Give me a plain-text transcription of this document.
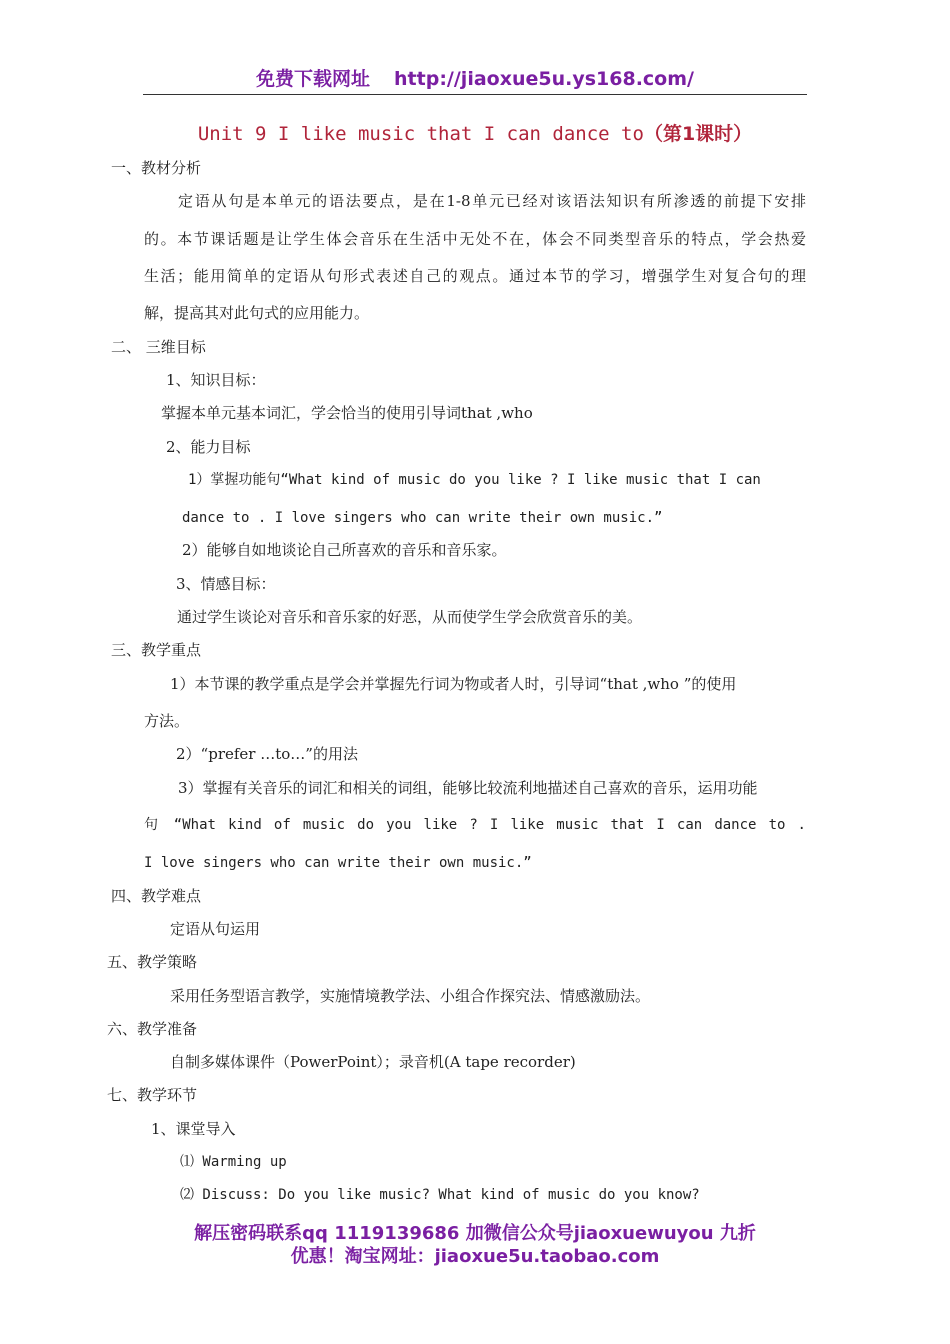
免费下载网址 http://jiaoxue5u.ys168.com/
Unit 9 I like music that I can dance to（第1课时）
一、教材分析
定语从句是本单元的语法要点，是在1-8单元已经对该语法知识有所渗透的前提下安排
的。本节课话题是让学生体会音乐在生活中无处不在，体会不同类型音乐的特点，学会热爱
生活；能用简单的定语从句形式表述自己的观点。通过本节的学习，增强学生对复合句的理
解，提高其对此句式的应用能力。
二、 三维目标
1、知识目标：
掌握本单元基本词汇，学会恰当的使用引导词that ,who
2、能力目标
1）掌握功能句“What kind of music do you like ? I like music that I can
dance to . I love singers who can write their own music.”
2）能够自如地谈论自己所喜欢的音乐和音乐家。
3、情感目标：
通过学生谈论对音乐和音乐家的好恶，从而使学生学会欣赏音乐的美。
三、教学重点
1）本节课的教学重点是学会并掌握先行词为物或者人时，引导词“that ,who ”的使用
方法。
2）“prefer …to…”的用法
3）掌握有关音乐的词汇和相关的词组，能够比较流利地描述自己喜欢的音乐，运用功能
句 “What kind of music do you like ? I like music that I can dance to .
I love singers who can write their own music.”
四、教学难点
定语从句运用
五、教学策略
采用任务型语言教学，实施情境教学法、小组合作探究法、情感激励法。
六、教学准备
自制多媒体课件（PowerPoint）；录音机(A tape recorder)
七、教学环节
1、课堂导入
⑴ Warming up
⑵ Discuss: Do you like music? What kind of music do you know?
解压密码联系qq 1119139686 加微信公众号jiaoxuewuyou 九折
优惠！淘宝网址：jiaoxue5u.taobao.com
